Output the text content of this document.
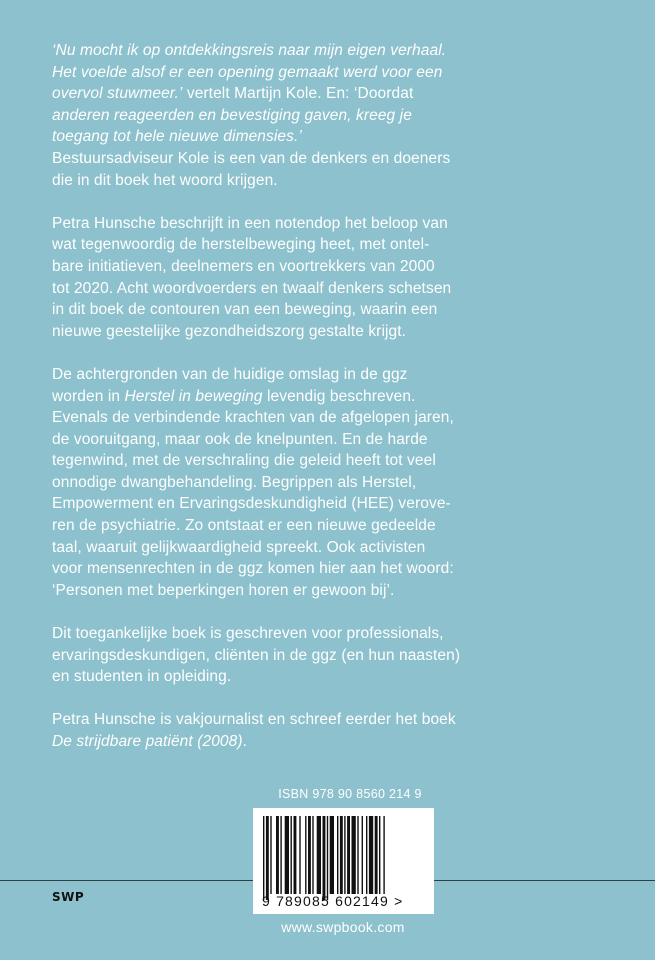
‘Nu mocht ik op ontdekkingsreis naar mijn eigen verhaal.
Het voelde alsof er een opening gemaakt werd voor een
overvol stuwmeer.’ vertelt Martijn Kole. En: ‘Doordat
anderen reageerden en bevestiging gaven, kreeg je
toegang tot hele nieuwe dimensies.’
Bestuursadviseur Kole is een van de denkers en doeners
die in dit boek het woord krijgen.

Petra Hunsche beschrijft in een notendop het beloop van
wat tegenwoordig de herstelbeweging heet, met ontel-
bare initiatieven, deelnemers en voortrekkers van 2000
tot 2020. Acht woordvoerders en twaalf denkers schetsen
in dit boek de contouren van een beweging, waarin een
nieuwe geestelijke gezondheidszorg gestalte krijgt.

De achtergronden van de huidige omslag in de ggz
worden in Herstel in beweging levendig beschreven.
Evenals de verbindende krachten van de afgelopen jaren,
de vooruitgang, maar ook de knelpunten. En de harde
tegenwind, met de verschraling die geleid heeft tot veel
onnodige dwangbehandeling. Begrippen als Herstel,
Empowerment en Ervaringsdeskundigheid (HEE) verove-
ren de psychiatrie. Zo ontstaat er een nieuwe gedeelde
taal, waaruit gelijkwaardigheid spreekt. Ook activisten
voor mensenrechten in de ggz komen hier aan het woord:
‘Personen met beperkingen horen er gewoon bij’.

Dit toegankelijke boek is geschreven voor professionals,
ervaringsdeskundigen, cliënten in de ggz (en hun naasten)
en studenten in opleiding.

Petra Hunsche is vakjournalist en schreef eerder het boek
De strijdbare patiënt (2008).

ISBN 978 90 8560 214 9
9 789085 602149 >
SWP
www.swpbook.com
